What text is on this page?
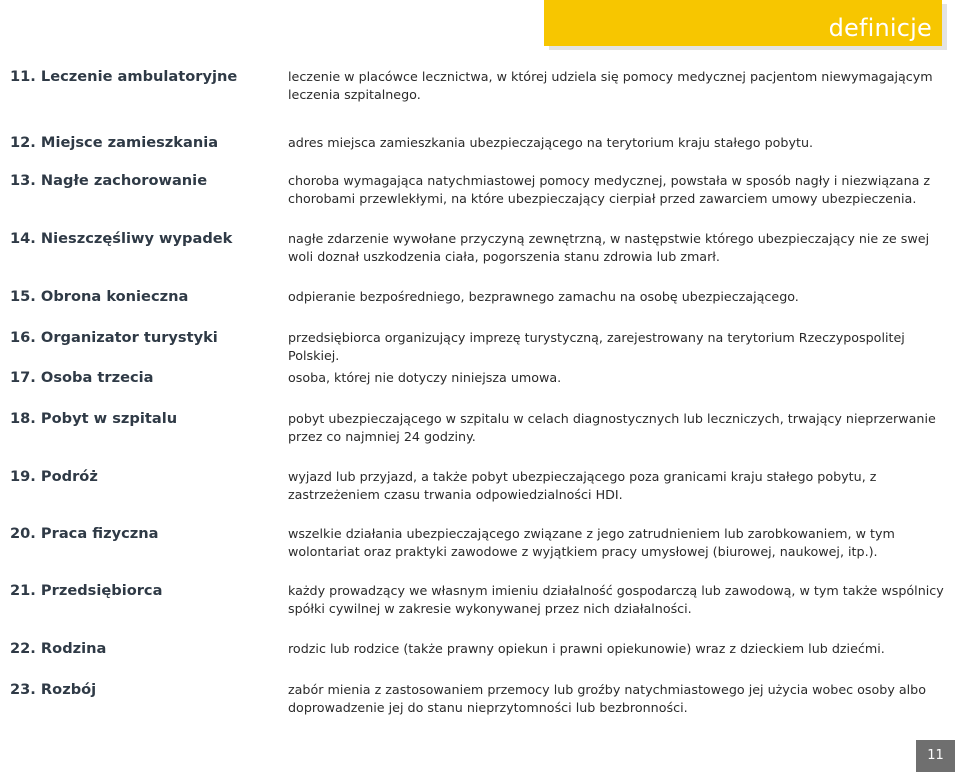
definicje
11. Leczenie ambulatoryjne	leczenie w placówce lecznictwa, w której udziela się pomocy medycznej pacjentom niewymagającym leczenia szpitalnego.
12. Miejsce zamieszkania	adres miejsca zamieszkania ubezpieczającego na terytorium kraju stałego pobytu.
13. Nagłe zachorowanie	choroba wymagająca natychmiastowej pomocy medycznej, powstała w sposób nagły i niezwiązana z chorobami przewlekłymi, na które ubezpieczający cierpiał przed zawarciem umowy ubezpieczenia.
14. Nieszczęśliwy wypadek	nagłe zdarzenie wywołane przyczyną zewnętrzną, w następstwie którego ubezpieczający nie ze swej woli doznał uszkodzenia ciała, pogorszenia stanu zdrowia lub zmarł.
15. Obrona konieczna	odpieranie bezpośredniego, bezprawnego zamachu na osobę ubezpieczającego.
16. Organizator turystyki	przedsiębiorca organizujący imprezę turystyczną, zarejestrowany na terytorium Rzeczypospolitej Polskiej.
17. Osoba trzecia	osoba, której nie dotyczy niniejsza umowa.
18. Pobyt w szpitalu	pobyt ubezpieczającego w szpitalu w celach diagnostycznych lub leczniczych, trwający nieprzerwanie przez co najmniej 24 godziny.
19. Podróż	wyjazd lub przyjazd, a także pobyt ubezpieczającego poza granicami kraju stałego pobytu, z zastrzeżeniem czasu trwania odpowiedzialności HDI.
20. Praca fizyczna	wszelkie działania ubezpieczającego związane z jego zatrudnieniem lub zarobkowaniem, w tym wolontariat oraz praktyki zawodowe z wyjątkiem pracy umysłowej (biurowej, naukowej, itp.).
21. Przedsiębiorca	każdy prowadzący we własnym imieniu działalność gospodarczą lub zawodową, w tym także wspólnicy spółki cywilnej w zakresie wykonywanej przez nich działalności.
22. Rodzina	rodzic lub rodzice (także prawny opiekun i prawni opiekunowie) wraz z dzieckiem lub dziećmi.
23. Rozbój	zabór mienia z zastosowaniem przemocy lub groźby natychmiastowego jej użycia wobec osoby albo doprowadzenie jej do stanu nieprzytomności lub bezbronności.
11
